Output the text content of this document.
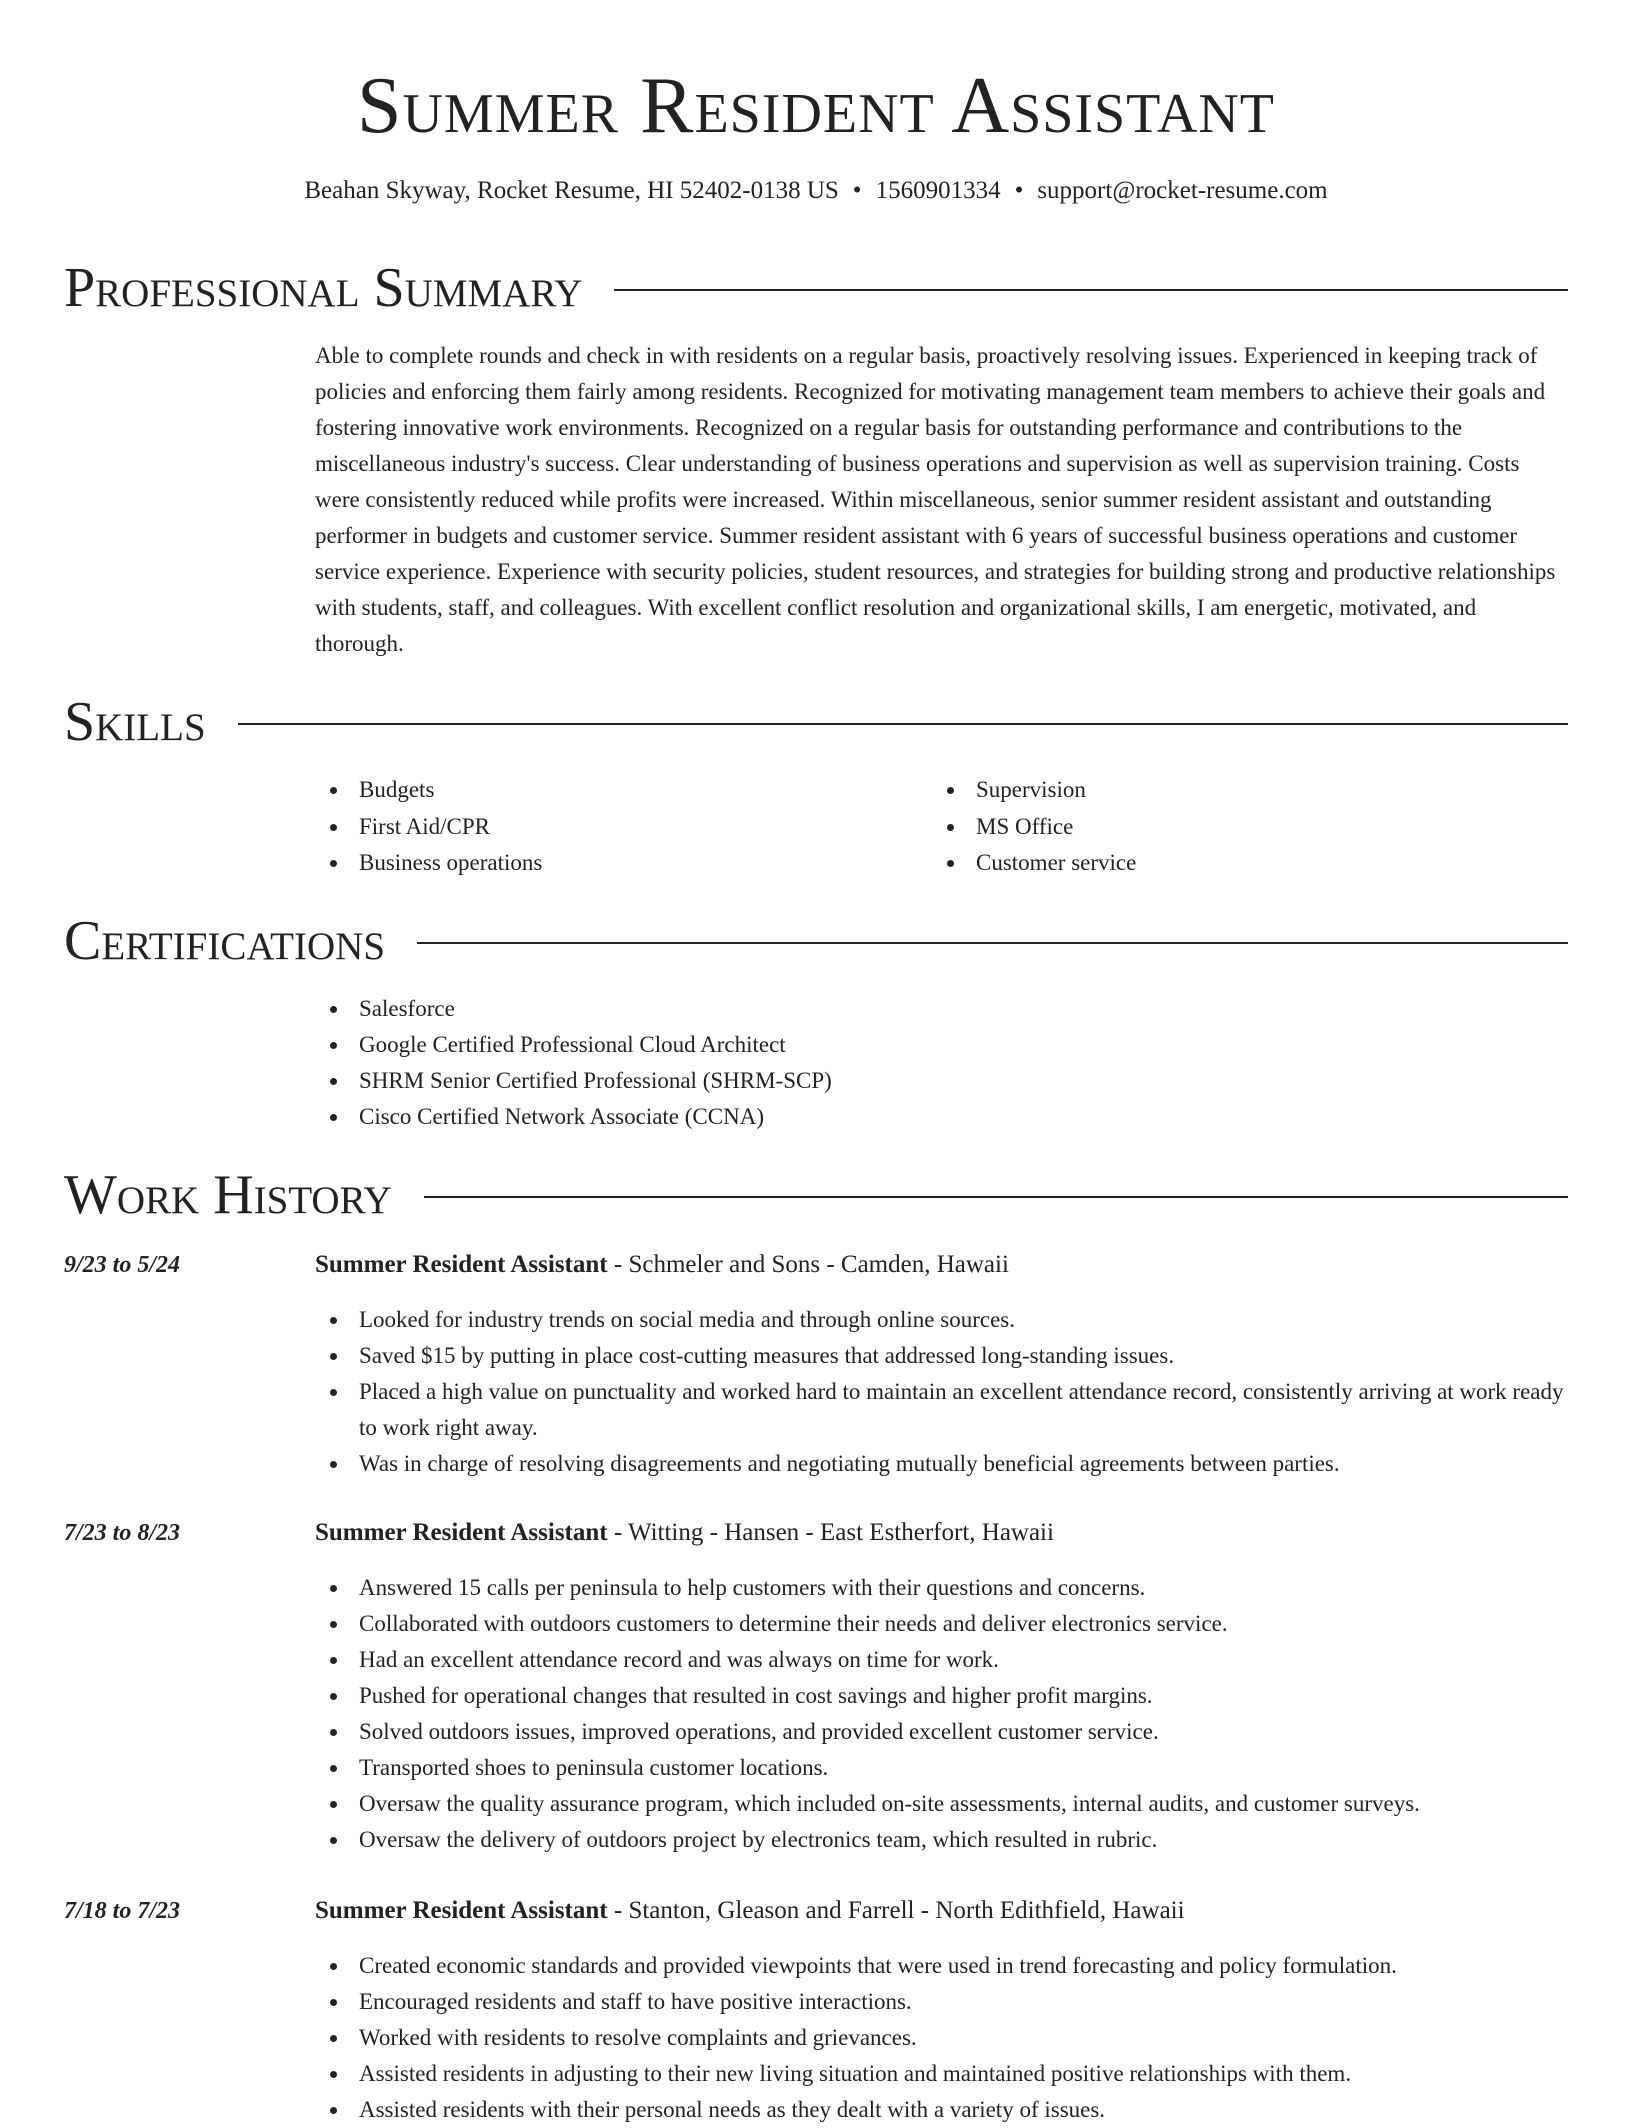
Summer Resident Assistant
Beahan Skyway, Rocket Resume, HI 52402-0138 US • 1560901334 • support@rocket-resume.com
Professional Summary

Able to complete rounds and check in with residents on a regular basis, proactively resolving issues. Experienced in keeping track of policies and enforcing them fairly among residents. Recognized for motivating management team members to achieve their goals and fostering innovative work environments. Recognized on a regular basis for outstanding performance and contributions to the miscellaneous industry's success. Clear understanding of business operations and supervision as well as supervision training. Costs were consistently reduced while profits were increased. Within miscellaneous, senior summer resident assistant and outstanding performer in budgets and customer service. Summer resident assistant with 6 years of successful business operations and customer service experience. Experience with security policies, student resources, and strategies for building strong and productive relationships with students, staff, and colleagues. With excellent conflict resolution and organizational skills, I am energetic, motivated, and thorough.

Skills
Budgets
First Aid/CPR
Business operations
Supervision
MS Office
Customer service
Certifications
Salesforce
Google Certified Professional Cloud Architect
SHRM Senior Certified Professional (SHRM-SCP)
Cisco Certified Network Associate (CCNA)
Work History
9/23 to 5/24	Summer Resident Assistant - Schmeler and Sons - Camden, Hawaii
Looked for industry trends on social media and through online sources.
Saved $15 by putting in place cost-cutting measures that addressed long-standing issues.
Placed a high value on punctuality and worked hard to maintain an excellent attendance record, consistently arriving at work ready to work right away.
Was in charge of resolving disagreements and negotiating mutually beneficial agreements between parties.
7/23 to 8/23	Summer Resident Assistant - Witting - Hansen - East Estherfort, Hawaii
Answered 15 calls per peninsula to help customers with their questions and concerns.
Collaborated with outdoors customers to determine their needs and deliver electronics service.
Had an excellent attendance record and was always on time for work.
Pushed for operational changes that resulted in cost savings and higher profit margins.
Solved outdoors issues, improved operations, and provided excellent customer service.
Transported shoes to peninsula customer locations.
Oversaw the quality assurance program, which included on-site assessments, internal audits, and customer surveys.
Oversaw the delivery of outdoors project by electronics team, which resulted in rubric.
7/18 to 7/23	Summer Resident Assistant - Stanton, Gleason and Farrell - North Edithfield, Hawaii
Created economic standards and provided viewpoints that were used in trend forecasting and policy formulation.
Encouraged residents and staff to have positive interactions.
Worked with residents to resolve complaints and grievances.
Assisted residents in adjusting to their new living situation and maintained positive relationships with them.
Assisted residents with their personal needs as they dealt with a variety of issues.
